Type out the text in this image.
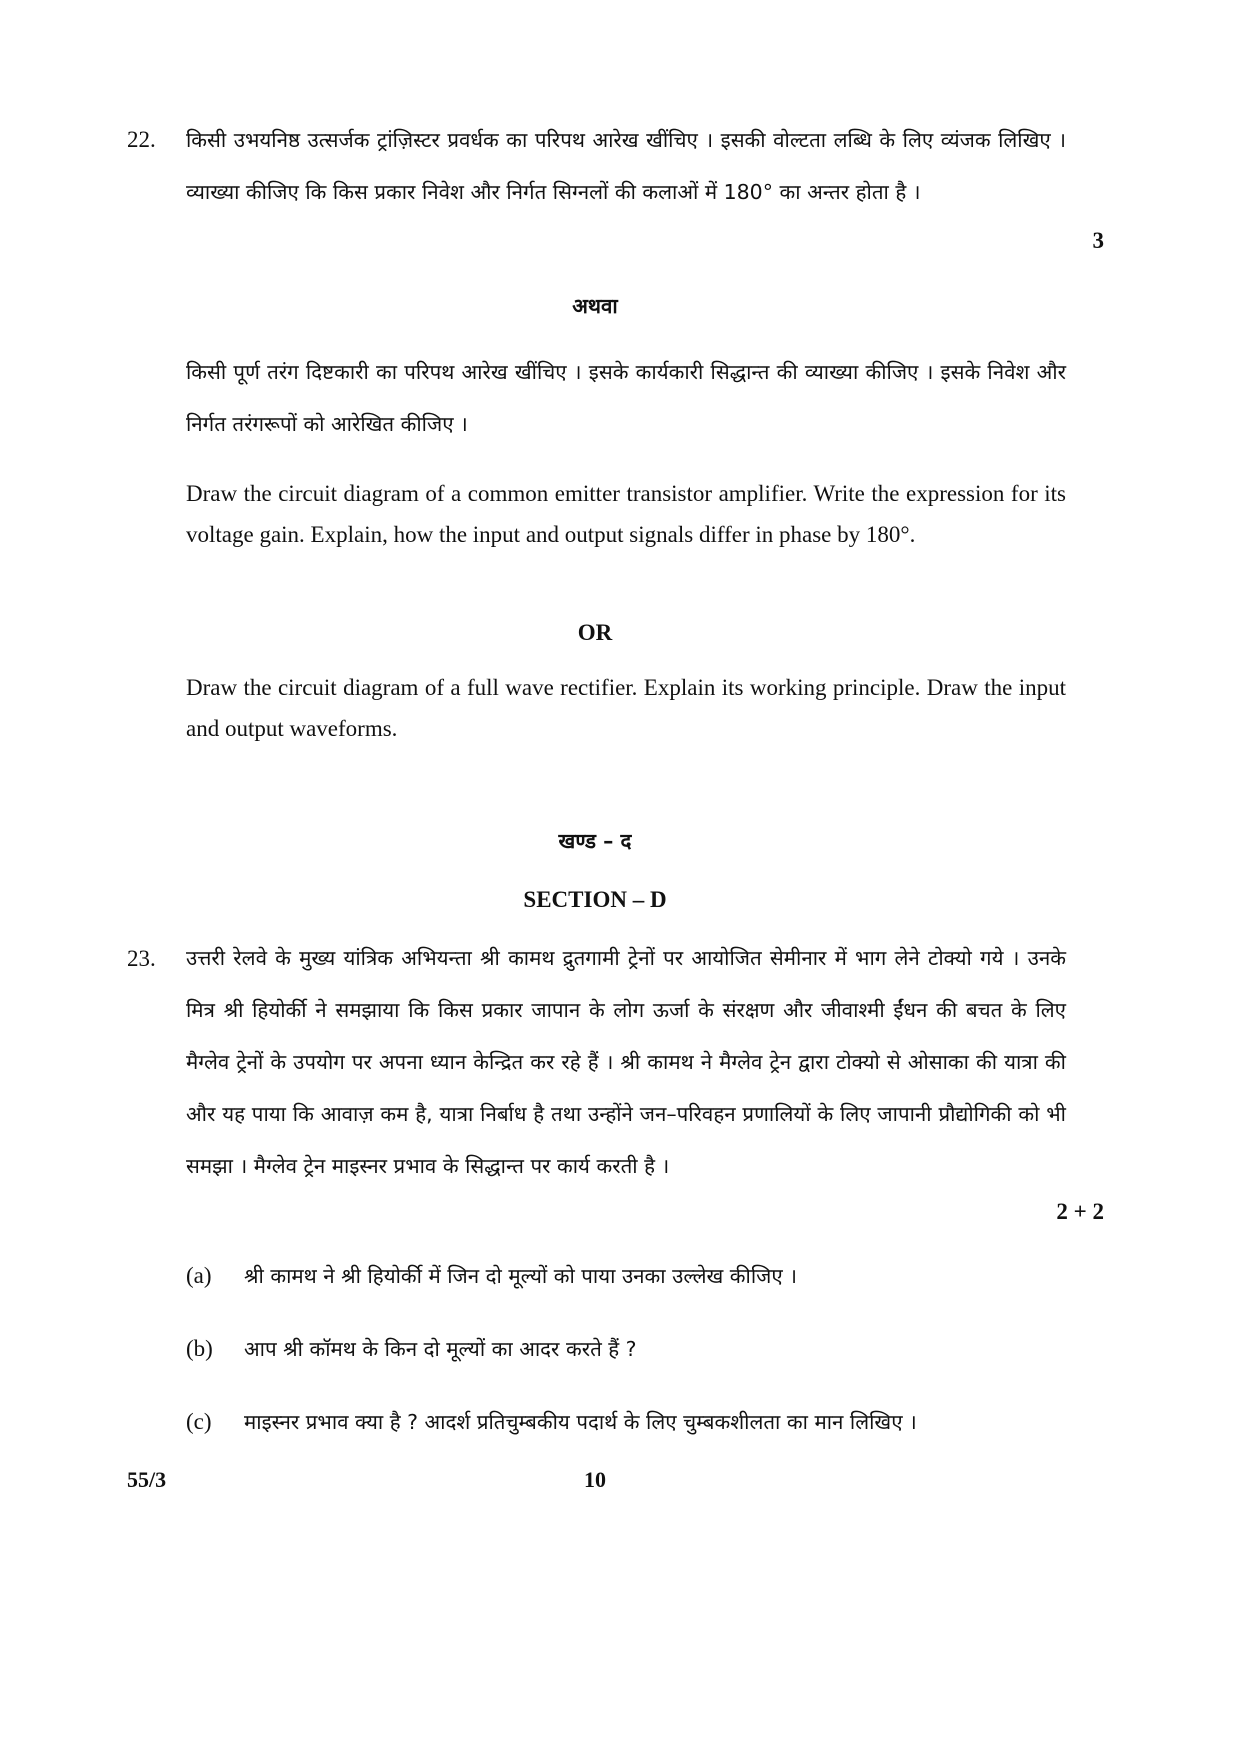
22. किसी उभयनिष्ठ उत्सर्जक ट्रांज़िस्टर प्रवर्धक का परिपथ आरेख खींचिए । इसकी वोल्टता लब्धि के लिए व्यंजक लिखिए । व्याख्या कीजिए कि किस प्रकार निवेश और निर्गत सिग्नलों की कलाओं में 180° का अन्तर होता है ।
3
अथवा
किसी पूर्ण तरंग दिष्टकारी का परिपथ आरेख खींचिए । इसके कार्यकारी सिद्धान्त की व्याख्या कीजिए । इसके निवेश और निर्गत तरंगरूपों को आरेखित कीजिए ।
Draw the circuit diagram of a common emitter transistor amplifier. Write the expression for its voltage gain. Explain, how the input and output signals differ in phase by 180°.
OR
Draw the circuit diagram of a full wave rectifier. Explain its working principle. Draw the input and output waveforms.
खण्ड – द
SECTION – D
23. उत्तरी रेलवे के मुख्य यांत्रिक अभियन्ता श्री कामथ द्रुतगामी ट्रेनों पर आयोजित सेमीनार में भाग लेने टोक्यो गये । उनके मित्र श्री हियोर्की ने समझाया कि किस प्रकार जापान के लोग ऊर्जा के संरक्षण और जीवाश्मी ईंधन की बचत के लिए मैग्लेव ट्रेनों के उपयोग पर अपना ध्यान केन्द्रित कर रहे हैं । श्री कामथ ने मैग्लेव ट्रेन द्वारा टोक्यो से ओसाका की यात्रा की और यह पाया कि आवाज़ कम है, यात्रा निर्बाध है तथा उन्होंने जन–परिवहन प्रणालियों के लिए जापानी प्रौद्योगिकी को भी समझा । मैग्लेव ट्रेन माइस्नर प्रभाव के सिद्धान्त पर कार्य करती है ।
2 + 2
(a) श्री कामथ ने श्री हियोर्की में जिन दो मूल्यों को पाया उनका उल्लेख कीजिए ।
(b) आप श्री कॉमथ के किन दो मूल्यों का आदर करते हैं ?
(c) माइस्नर प्रभाव क्या है ? आदर्श प्रतिचुम्बकीय पदार्थ के लिए चुम्बकशीलता का मान लिखिए ।
55/3	10
